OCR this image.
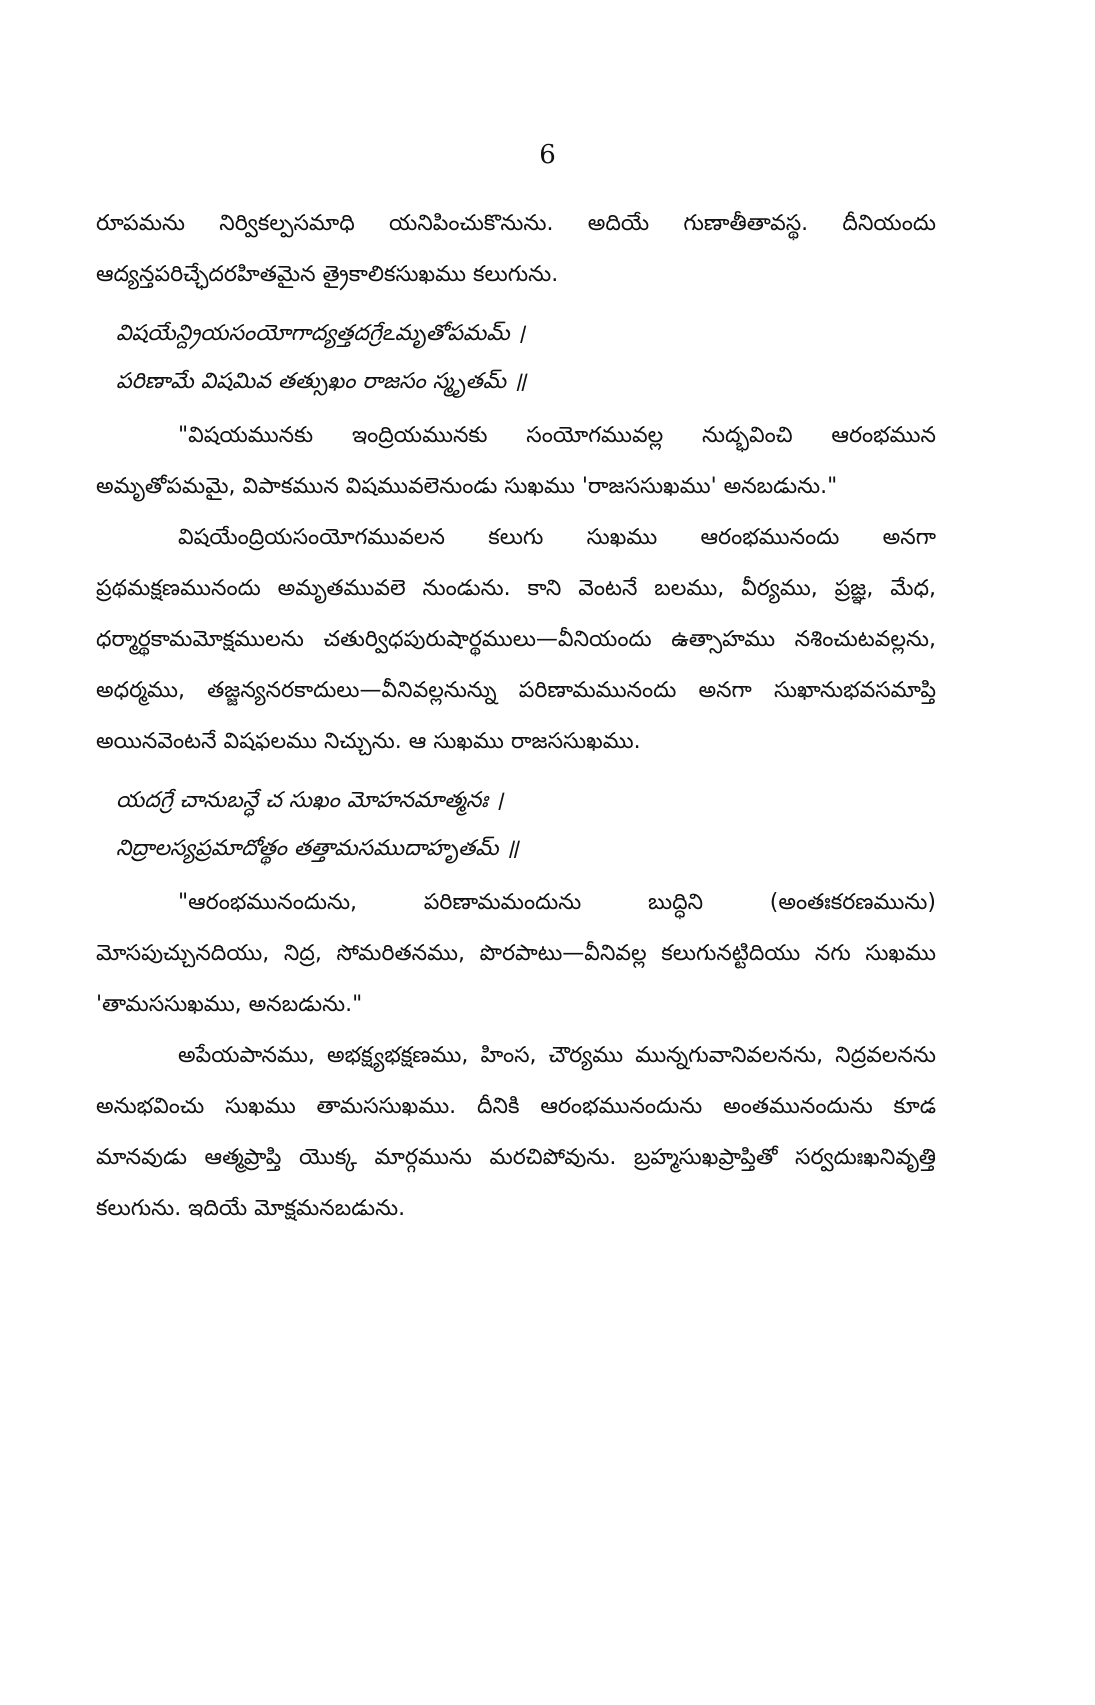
6

రూపమను నిర్వికల్పసమాధి యనిపించుకొనును. అదియే గుణాతీతావస్థ. దీనియందు ఆద్యన్తపరిచ్ఛేదరహితమైన త్రైకాలికసుఖము కలుగును.

విషయేన్ద్రియసంయోగాద్యత్తదగ్రేఽమృతోపమమ్ ।
పరిణామే విషమివ తత్సుఖం రాజసం స్మృతమ్ ॥

"విషయమునకు ఇంద్రియమునకు సంయోగమువల్ల నుద్భవించి ఆరంభమున అమృతోపమమై, విపాకమున విషమువలెనుండు సుఖము 'రాజససుఖము' అనబడును."

విషయేంద్రియసంయోగమువలన కలుగు సుఖము ఆరంభమునందు అనగా ప్రథమక్షణమునందు అమృతమువలె నుండును. కాని వెంటనే బలము, వీర్యము, ప్రజ్ఞ, మేధ, ధర్మార్థకామమోక్షములను చతుర్విధపురుషార్థములు—వీనియందు ఉత్సాహము నశించుటవల్లను, అధర్మము, తజ్జన్యనరకాదులు—వీనివల్లనున్ను పరిణామమునందు అనగా సుఖానుభవసమాప్తి అయినవెంటనే విషఫలము నిచ్చును. ఆ సుఖము రాజససుఖము.

యదగ్రే చానుబన్ధే చ సుఖం మోహనమాత్మనః ।
నిద్రాలస్యప్రమాదోత్థం తత్తామసముదాహృతమ్ ॥

"ఆరంభమునందును, పరిణామమందును బుద్ధిని (అంతఃకరణమును) మోసపుచ్చునదియు, నిద్ర, సోమరితనము, పొరపాటు—వీనివల్ల కలుగునట్టిదియు నగు సుఖము 'తామససుఖము, అనబడును."

అపేయపానము, అభక్ష్యభక్షణము, హింస, చౌర్యము మున్నగువానివలనను, నిద్రవలనను అనుభవించు సుఖము తామససుఖము. దీనికి ఆరంభమునందును అంతమునందును కూడ మానవుడు ఆత్మప్రాప్తి యొక్క మార్గమును మరచిపోవును. బ్రహ్మసుఖప్రాప్తితో సర్వదుఃఖనివృత్తి కలుగును. ఇదియే మోక్షమనబడును.
